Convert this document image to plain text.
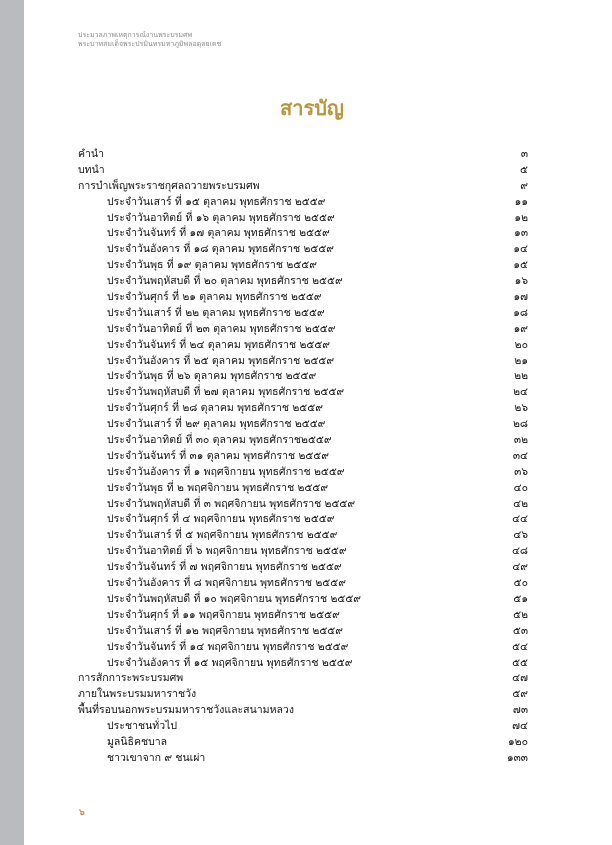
ประมวลภาพเหตุการณ์งานพระบรมศพ
พระบาทสมเด็จพระปรมินทรมหาภูมิพลอดุลยเดช
สารบัญ
คำนำ	๓
บทนำ	๕
การบำเพ็ญพระราชกุศลถวายพระบรมศพ	๙
ประจำวันเสาร์ ที่ ๑๕ ตุลาคม พุทธศักราช ๒๕๕๙	๑๑
ประจำวันอาทิตย์ ที่ ๑๖ ตุลาคม พุทธศักราช ๒๕๕๙	๑๒
ประจำวันจันทร์ ที่ ๑๗ ตุลาคม พุทธศักราช ๒๕๕๙	๑๓
ประจำวันอังคาร ที่ ๑๘ ตุลาคม พุทธศักราช ๒๕๕๙	๑๔
ประจำวันพุธ ที่ ๑๙ ตุลาคม พุทธศักราช ๒๕๕๙	๑๕
ประจำวันพฤหัสบดี ที่ ๒๐ ตุลาคม พุทธศักราช ๒๕๕๙	๑๖
ประจำวันศุกร์ ที่ ๒๑ ตุลาคม พุทธศักราช ๒๕๕๙	๑๗
ประจำวันเสาร์ ที่ ๒๒ ตุลาคม พุทธศักราช ๒๕๕๙	๑๘
ประจำวันอาทิตย์ ที่ ๒๓ ตุลาคม พุทธศักราช ๒๕๕๙	๑๙
ประจำวันจันทร์ ที่ ๒๔ ตุลาคม พุทธศักราช ๒๕๕๙	๒๐
ประจำวันอังคาร ที่ ๒๕ ตุลาคม พุทธศักราช ๒๕๕๙	๒๑
ประจำวันพุธ ที่ ๒๖ ตุลาคม พุทธศักราช ๒๕๕๙	๒๒
ประจำวันพฤหัสบดี ที่ ๒๗ ตุลาคม พุทธศักราช ๒๕๕๙	๒๔
ประจำวันศุกร์ ที่ ๒๘ ตุลาคม พุทธศักราช ๒๕๕๙	๒๖
ประจำวันเสาร์ ที่ ๒๙ ตุลาคม พุทธศักราช ๒๕๕๙	๒๘
ประจำวันอาทิตย์ ที่ ๓๐ ตุลาคม พุทธศักราช๒๕๕๙	๓๒
ประจำวันจันทร์ ที่ ๓๑ ตุลาคม พุทธศักราช ๒๕๕๙	๓๔
ประจำวันอังคาร ที่ ๑ พฤศจิกายน พุทธศักราช ๒๕๕๙	๓๖
ประจำวันพุธ ที่ ๒ พฤศจิกายน พุทธศักราช ๒๕๕๙	๔๐
ประจำวันพฤหัสบดี ที่ ๓ พฤศจิกายน พุทธศักราช ๒๕๕๙	๔๒
ประจำวันศุกร์ ที่ ๔ พฤศจิกายน พุทธศักราช ๒๕๕๙	๔๔
ประจำวันเสาร์ ที่ ๕ พฤศจิกายน พุทธศักราช ๒๕๕๙	๔๖
ประจำวันอาทิตย์ ที่ ๖ พฤศจิกายน พุทธศักราช ๒๕๕๙	๔๘
ประจำวันจันทร์ ที่ ๗ พฤศจิกายน พุทธศักราช ๒๕๕๙	๔๙
ประจำวันอังคาร ที่ ๘ พฤศจิกายน พุทธศักราช ๒๕๕๙	๕๐
ประจำวันพฤหัสบดี ที่ ๑๐ พฤศจิกายน พุทธศักราช ๒๕๕๙	๕๑
ประจำวันศุกร์ ที่ ๑๑ พฤศจิกายน พุทธศักราช ๒๕๕๙	๕๒
ประจำวันเสาร์ ที่ ๑๒ พฤศจิกายน พุทธศักราช ๒๕๕๙	๕๓
ประจำวันจันทร์ ที่ ๑๔ พฤศจิกายน พุทธศักราช ๒๕๕๙	๕๔
ประจำวันอังคาร ที่ ๑๕ พฤศจิกายน พุทธศักราช ๒๕๕๙	๕๕
การสักการะพระบรมศพ	๔๗
ภายในพระบรมมหาราชวัง	๕๙
พื้นที่รอบนอกพระบรมมหาราชวังและสนามหลวง	๗๓
ประชาชนทั่วไป	๗๔
มูลนิธิคชบาล	๑๒๐
ชาวเขาจาก ๙ ชนเผ่า	๑๓๓
๖
